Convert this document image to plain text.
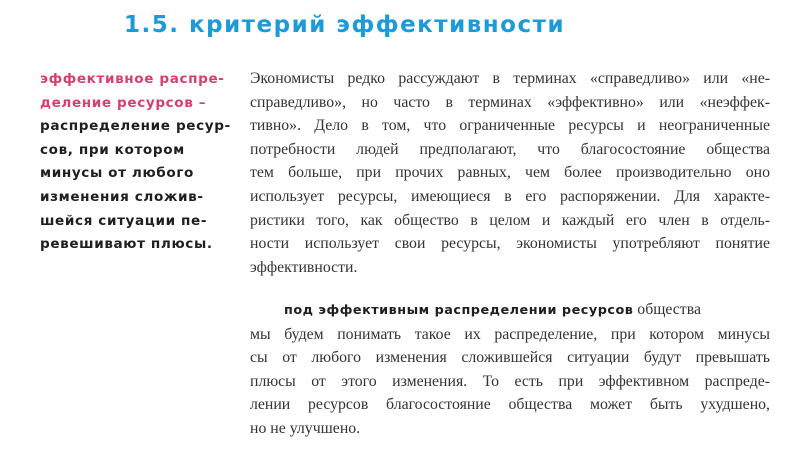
1.5. критерий эффективности
эффективное распре-
деление ресурсов –
распределение ресур-
сов, при котором
минусы от любого
изменения сложив-
шейся ситуации пе-
ревешивают плюсы.
Экономисты редко рассуждают в терминах «справедливо» или «не-
справедливо», но часто в терминах «эффективно» или «неэффек-
тивно». Дело в том, что ограниченные ресурсы и неограниченные
потребности людей предполагают, что благосостояние общества
тем больше, при прочих равных, чем более производительно оно
использует ресурсы, имеющиеся в его распоряжении. Для характе-
ристики того, как общество в целом и каждый его член в отдель-
ности использует свои ресурсы, экономисты употребляют понятие
эффективности.
под эффективным распределении ресурсов общества
мы будем понимать такое их распределение, при котором минусы
сы от любого изменения сложившейся ситуации будут превышать
плюсы от этого изменения. То есть при эффективном распреде-
лении ресурсов благосостояние общества может быть ухудшено,
но не улучшено.
